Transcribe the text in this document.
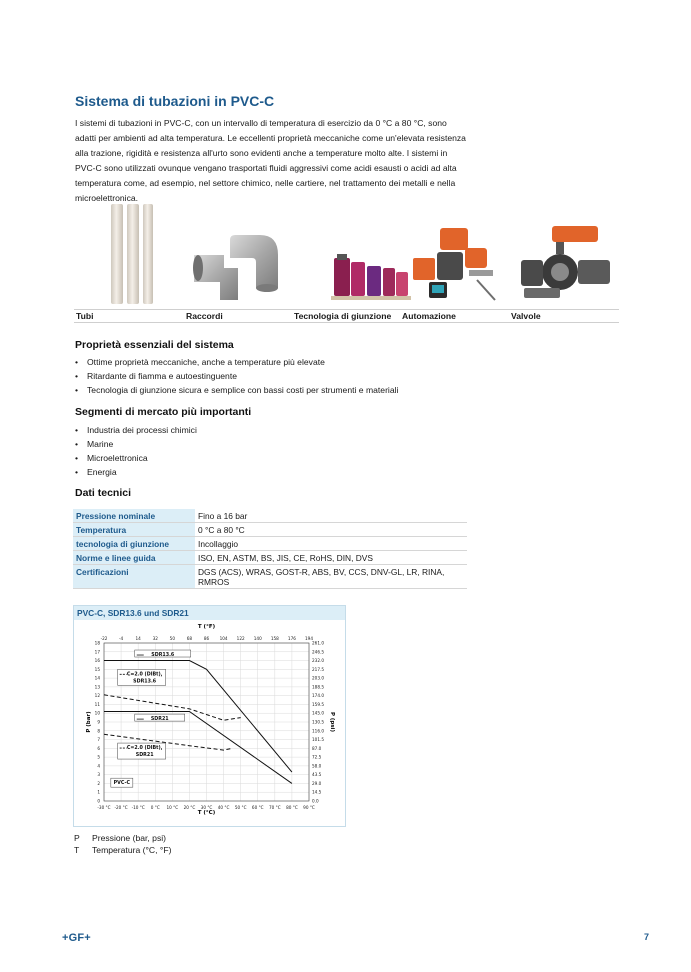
Sistema di tubazioni in PVC-C
I sistemi di tubazioni in PVC-C, con un intervallo di temperatura di esercizio da 0 °C a 80 °C, sono adatti per ambienti ad alta temperatura. Le eccellenti proprietà meccaniche come un'elevata resistenza alla trazione, rigidità e resistenza all'urto sono evidenti anche a temperature molto alte. I sistemi in PVC-C sono utilizzati ovunque vengano trasportati fluidi aggressivi come acidi esausti o acidi ad alta temperatura come, ad esempio, nel settore chimico, nelle cartiere, nel trattamento dei metalli e nella microelettronica.
Tubi	Raccordi	Tecnologia di giunzione Automazione	Valvole
Proprietà essenziali del sistema
• Ottime proprietà meccaniche, anche a temperature più elevate
• Ritardante di fiamma e autoestinguente
• Tecnologia di giunzione sicura e semplice con bassi costi per strumenti e materiali
Segmenti di mercato più importanti
• Industria dei processi chimici
• Marine
• Microelettronica
• Energia
Dati tecnici
Pressione nominale	Fino a 16 bar
Temperatura	0 °C a 80 °C
tecnologia di giunzione	Incollaggio
Norme e linee guida	ISO, EN, ASTM, BS, JIS, CE, RoHS, DIN, DVS
Certificazioni	DGS (ACS), WRAS, GOST-R, ABS, BV, CCS, DNV-GL, LR, RINA, RMROS
PVC-C, SDR13.6 und SDR21
-30 °C -20 °C -10 °C 0 °C 10 °C 20 °C 30 °C 40 °C 50 °C 60 °C 70 °C 80 °C 90 °C
-22	-4	14	32	50	68	86 104 122 140 158 176 194
0
1
2
3
4
5
6
7
8
9
10
11
12
13
14
15
16
17
18
0.0
14.5
29.0
43.5
58.0
72.5
87.0
101.5
116.0
130.5
145.0
159.5
174.0
188.5
203.0
217.5
232.0
246.5
261.0
T (°C)
T (°F)
P (bar)	P (psi)
SDR13.6
C=2.0 (DIBt),
SDR13.6
SDR21
C=2.0 (DIBt),
SDR21
PVC-C
P	Pressione (bar, psi)
T	Temperatura (°C, °F)
+GF+	7
